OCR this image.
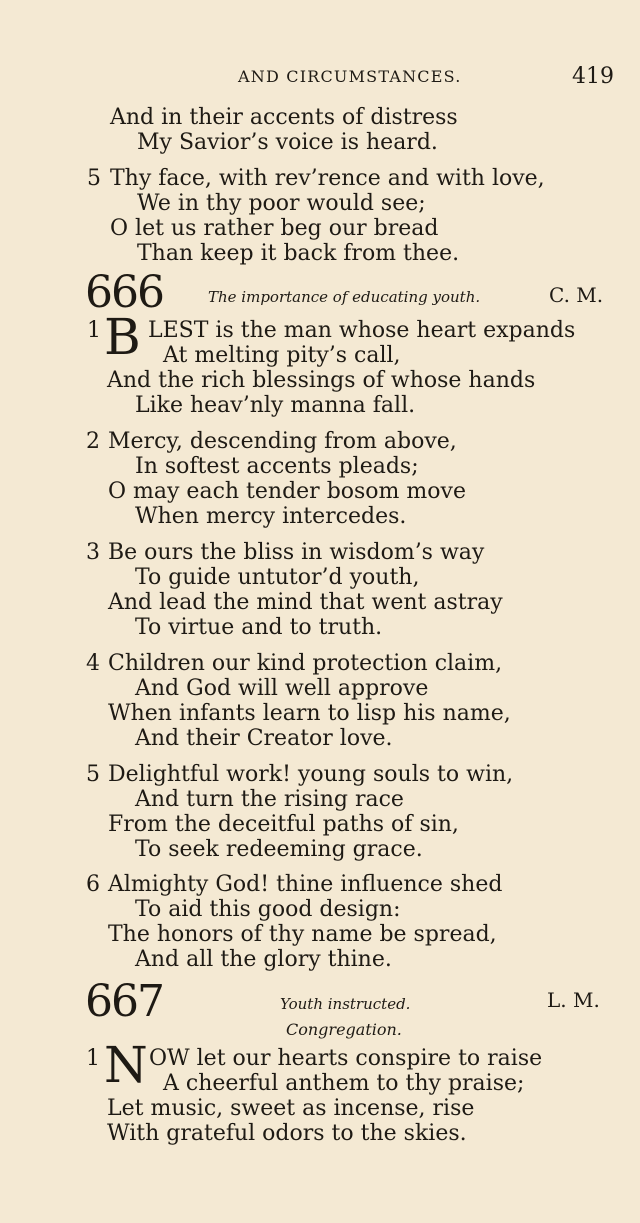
AND CIRCUMSTANCES.	419
And in their accents of distress
My Savior’s voice is heard.
5 Thy face, with rev’rence and with love,
We in thy poor would see;
O let us rather beg our bread
Than keep it back from thee.
666	The importance of educating youth.	C. M.
1 B LEST is the man whose heart expands
At melting pity’s call,
And the rich blessings of whose hands
Like heav’nly manna fall.
2 Mercy, descending from above,
In softest accents pleads;
O may each tender bosom move
When mercy intercedes.
3 Be ours the bliss in wisdom’s way
To guide untutor’d youth,
And lead the mind that went astray
To virtue and to truth.
4 Children our kind protection claim,
And God will well approve
When infants learn to lisp his name,
And their Creator love.
5 Delightful work! young souls to win,
And turn the rising race
From the deceitful paths of sin,
To seek redeeming grace.
6 Almighty God! thine influence shed
To aid this good design:
The honors of thy name be spread,
And all the glory thine.
667	Youth instructed.	L. M.
Congregation.
1 N OW let our hearts conspire to raise
A cheerful anthem to thy praise;
Let music, sweet as incense, rise
With grateful odors to the skies.
